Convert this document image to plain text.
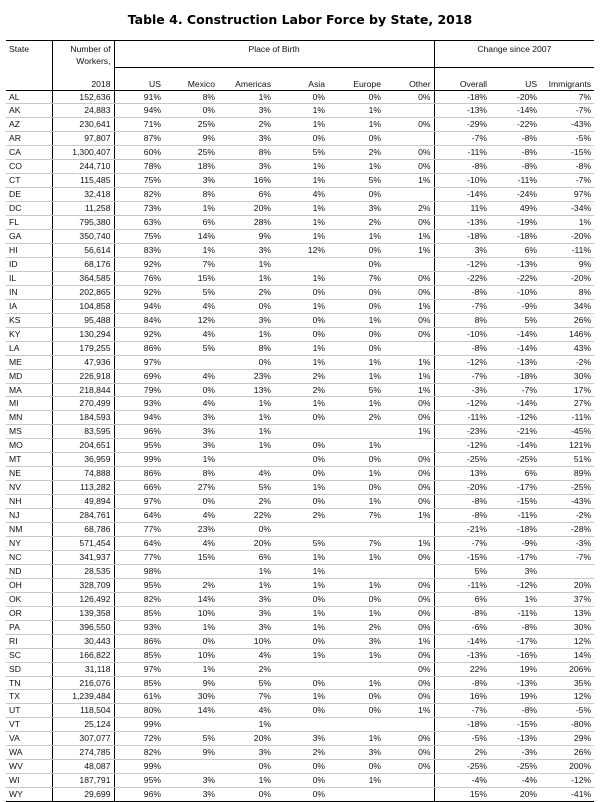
Table 4. Construction Labor Force by State, 2018
State	Number of
Workers,	Place of Birth						Change since 2007		
	2018	US	Mexico	Americas	Asia	Europe	Other	Overall	US	Immigrants
AL	152,636	91%	8%	1%	0%	0%	0%	-18%	-20%	7%
AK	24,883	94%	0%	3%	1%	1%		-13%	-14%	-7%
AZ	230,641	71%	25%	2%	1%	1%	0%	-29%	-22%	-43%
AR	97,807	87%	9%	3%	0%	0%		-7%	-8%	-5%
CA	1,300,407	60%	25%	8%	5%	2%	0%	-11%	-8%	-15%
CO	244,710	78%	18%	3%	1%	1%	0%	-8%	-8%	-8%
CT	115,485	75%	3%	16%	1%	5%	1%	-10%	-11%	-7%
DE	32,418	82%	8%	6%	4%	0%		-14%	-24%	97%
DC	11,258	73%	1%	20%	1%	3%	2%	11%	49%	-34%
FL	795,380	63%	6%	28%	1%	2%	0%	-13%	-19%	1%
GA	350,740	75%	14%	9%	1%	1%	1%	-18%	-18%	-20%
HI	56,614	83%	1%	3%	12%	0%	1%	3%	6%	-11%
ID	68,176	92%	7%	1%		0%		-12%	-13%	9%
IL	364,585	76%	15%	1%	1%	7%	0%	-22%	-22%	-20%
IN	202,865	92%	5%	2%	0%	0%	0%	-8%	-10%	8%
IA	104,858	94%	4%	0%	1%	0%	1%	-7%	-9%	34%
KS	95,488	84%	12%	3%	0%	1%	0%	8%	5%	26%
KY	130,294	92%	4%	1%	0%	0%	0%	-10%	-14%	146%
LA	179,255	86%	5%	8%	1%	0%		-8%	-14%	43%
ME	47,936	97%		0%	1%	1%	1%	-12%	-13%	-2%
MD	226,918	69%	4%	23%	2%	1%	1%	-7%	-18%	30%
MA	218,844	79%	0%	13%	2%	5%	1%	-3%	-7%	17%
MI	270,499	93%	4%	1%	1%	1%	0%	-12%	-14%	27%
MN	184,593	94%	3%	1%	0%	2%	0%	-11%	-12%	-11%
MS	83,595	96%	3%	1%			1%	-23%	-21%	-45%
MO	204,651	95%	3%	1%	0%	1%		-12%	-14%	121%
MT	36,959	99%	1%		0%	0%	0%	-25%	-25%	51%
NE	74,888	86%	8%	4%	0%	1%	0%	13%	6%	89%
NV	113,282	66%	27%	5%	1%	0%	0%	-20%	-17%	-25%
NH	49,894	97%	0%	2%	0%	1%	0%	-8%	-15%	-43%
NJ	284,761	64%	4%	22%	2%	7%	1%	-8%	-11%	-2%
NM	68,786	77%	23%	0%				-21%	-18%	-28%
NY	571,454	64%	4%	20%	5%	7%	1%	-7%	-9%	-3%
NC	341,937	77%	15%	6%	1%	1%	0%	-15%	-17%	-7%
ND	28,535	98%		1%	1%			5%	3%	
OH	328,709	95%	2%	1%	1%	1%	0%	-11%	-12%	20%
OK	126,492	82%	14%	3%	0%	0%	0%	6%	1%	37%
OR	139,358	85%	10%	3%	1%	1%	0%	-8%	-11%	13%
PA	396,550	93%	1%	3%	1%	2%	0%	-6%	-8%	30%
RI	30,443	86%	0%	10%	0%	3%	1%	-14%	-17%	12%
SC	166,822	85%	10%	4%	1%	1%	0%	-13%	-16%	14%
SD	31,118	97%	1%	2%			0%	22%	19%	206%
TN	216,076	85%	9%	5%	0%	1%	0%	-8%	-13%	35%
TX	1,239,484	61%	30%	7%	1%	0%	0%	16%	19%	12%
UT	118,504	80%	14%	4%	0%	0%	1%	-7%	-8%	-5%
VT	25,124	99%		1%				-18%	-15%	-80%
VA	307,077	72%	5%	20%	3%	1%	0%	-5%	-13%	29%
WA	274,785	82%	9%	3%	2%	3%	0%	2%	-3%	26%
WV	48,087	99%		0%	0%	0%	0%	-25%	-25%	200%
WI	187,791	95%	3%	1%	0%	1%		-4%	-4%	-12%
WY	29,699	96%	3%	0%	0%			15%	20%	-41%
